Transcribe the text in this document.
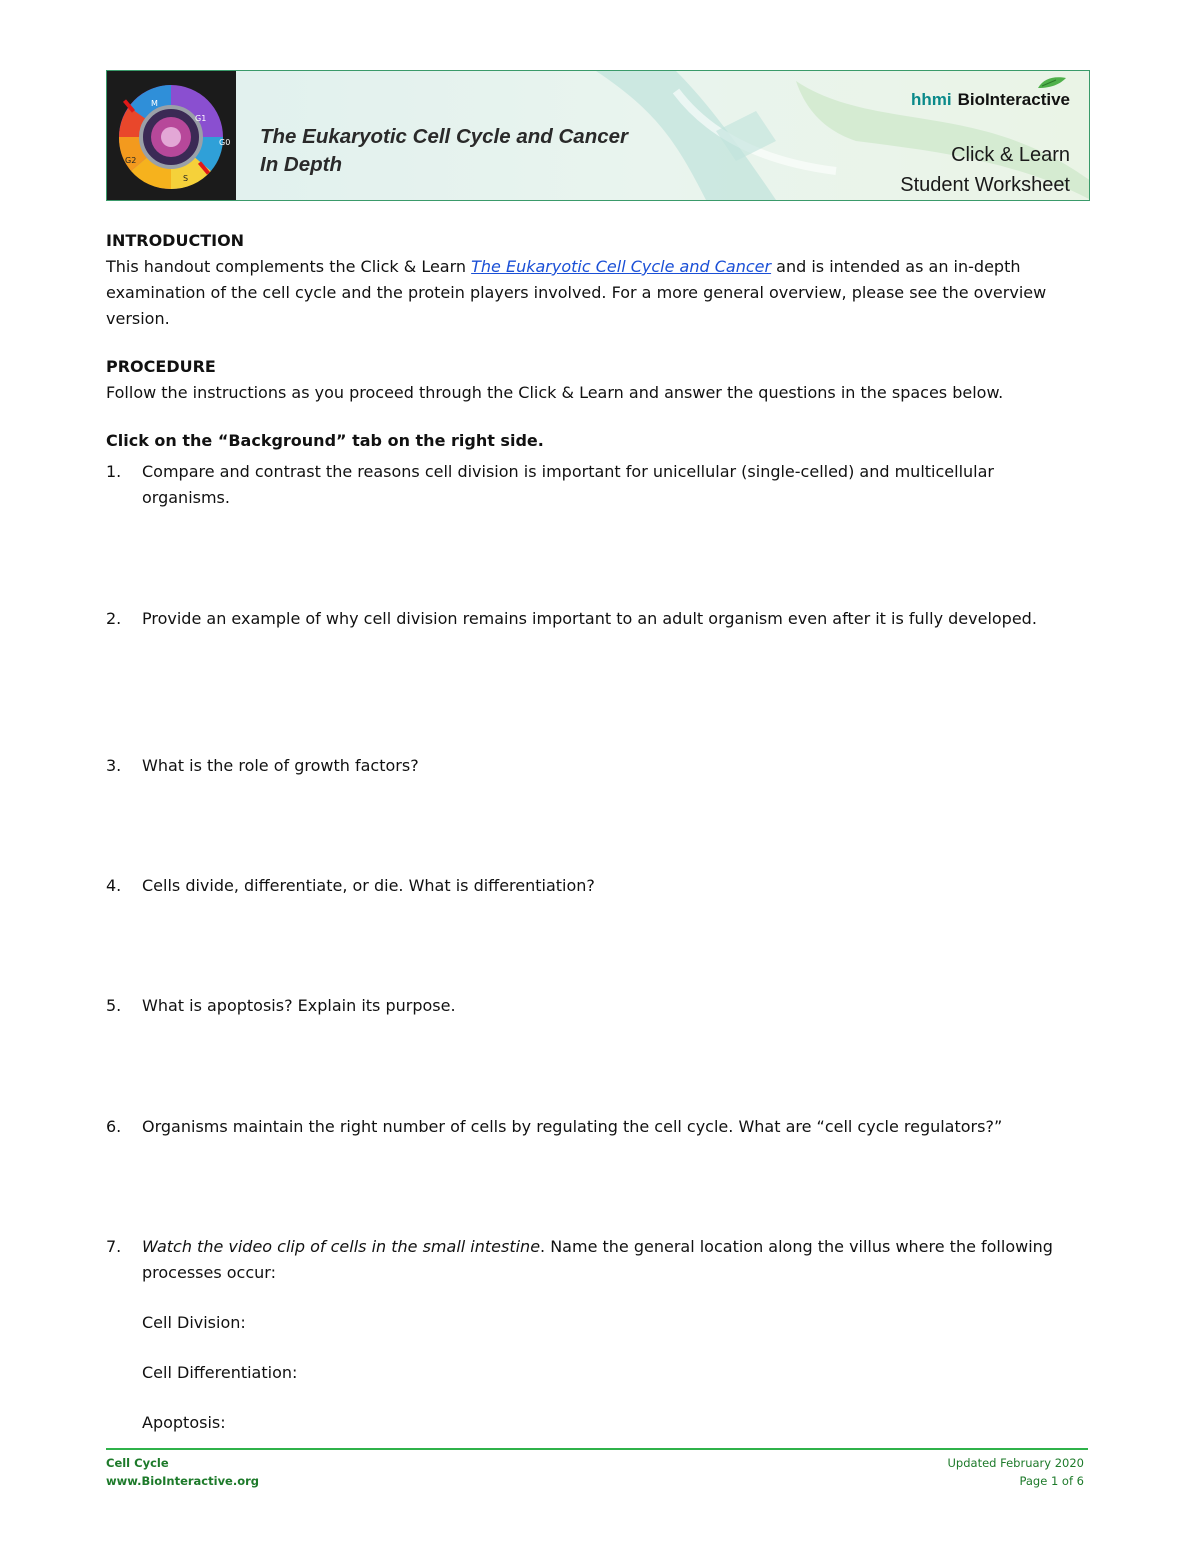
M
G1
G0
S
G2
The Eukaryotic Cell Cycle and Cancer
In Depth
hhmi BioInteractive
Click & Learn
Student Worksheet

INTRODUCTION

This handout complements the Click & Learn The Eukaryotic Cell Cycle and Cancer and is intended as an in-depth examination of the cell cycle and the protein players involved. For a more general overview, please see the overview version.

PROCEDURE

Follow the instructions as you proceed through the Click & Learn and answer the questions in the spaces below.

Click on the “Background” tab on the right side.

1.	Compare and contrast the reasons cell division is important for unicellular (single-celled) and multicellular organisms.
2.	Provide an example of why cell division remains important to an adult organism even after it is fully developed.
3.	What is the role of growth factors?
4.	Cells divide, differentiate, or die. What is differentiation?
5.	What is apoptosis? Explain its purpose.
6.	Organisms maintain the right number of cells by regulating the cell cycle. What are “cell cycle regulators?”
7.	Watch the video clip of cells in the small intestine. Name the general location along the villus where the following processes occur:
Cell Division:
Cell Differentiation:
Apoptosis:
Cell Cycle
www.BioInteractive.org
Updated February 2020
Page 1 of 6
